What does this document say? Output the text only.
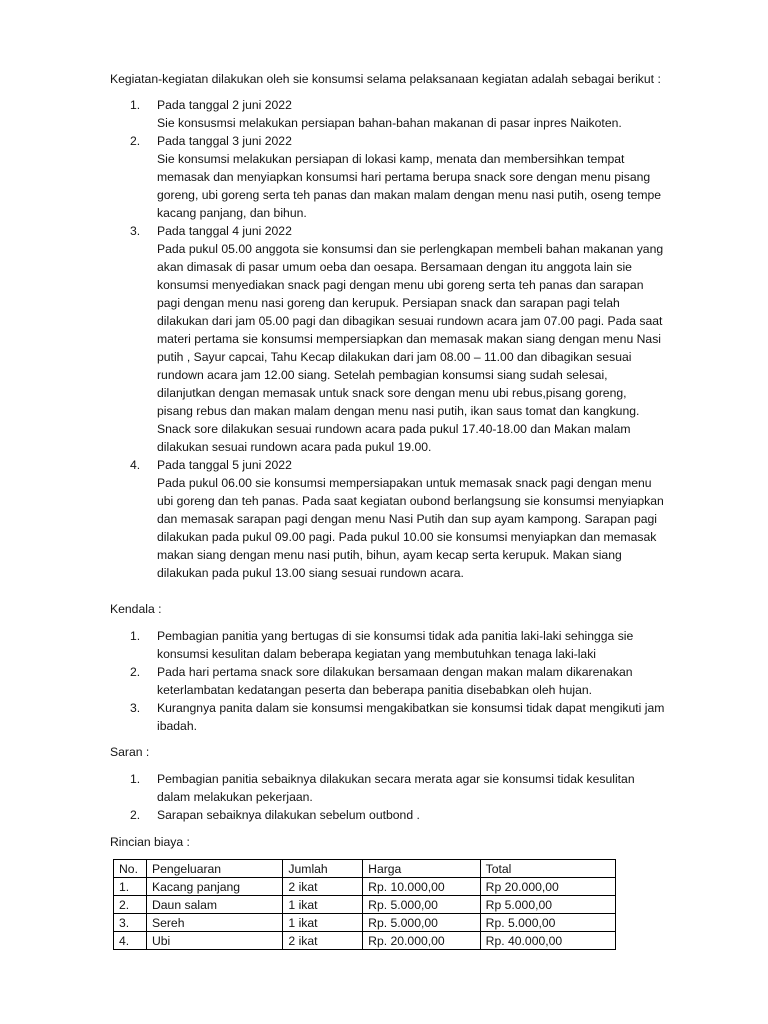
Kegiatan-kegiatan dilakukan oleh sie konsumsi selama pelaksanaan kegiatan adalah sebagai berikut :

1. Pada tanggal 2 juni 2022
Sie konsusmsi melakukan persiapan bahan-bahan makanan di pasar inpres Naikoten.
2. Pada tanggal 3 juni 2022
Sie konsumsi melakukan persiapan di lokasi kamp, menata dan membersihkan tempat memasak dan menyiapkan konsumsi hari pertama berupa snack sore dengan menu pisang goreng, ubi goreng serta teh panas dan makan malam dengan menu nasi putih, oseng tempe kacang panjang, dan bihun.
3. Pada tanggal 4 juni 2022
Pada pukul 05.00 anggota sie konsumsi dan sie perlengkapan membeli bahan makanan yang akan dimasak di pasar umum oeba dan oesapa. Bersamaan dengan itu anggota lain sie konsumsi menyediakan snack pagi dengan menu ubi goreng serta teh panas dan sarapan pagi dengan menu nasi goreng dan kerupuk. Persiapan snack dan sarapan pagi telah dilakukan dari jam 05.00 pagi dan dibagikan sesuai rundown acara jam 07.00 pagi. Pada saat materi pertama sie konsumsi mempersiapkan dan memasak makan siang dengan menu Nasi putih , Sayur capcai, Tahu Kecap dilakukan dari jam 08.00 – 11.00 dan dibagikan sesuai rundown acara jam 12.00 siang. Setelah pembagian konsumsi siang sudah selesai, dilanjutkan dengan memasak untuk snack sore dengan menu ubi rebus,pisang goreng, pisang rebus dan makan malam dengan menu nasi putih, ikan saus tomat dan kangkung. Snack sore dilakukan sesuai rundown acara pada pukul 17.40-18.00 dan Makan malam dilakukan sesuai rundown acara pada pukul 19.00.
4. Pada tanggal 5 juni 2022
Pada pukul 06.00 sie konsumsi mempersiapakan untuk memasak snack pagi dengan menu ubi goreng dan teh panas. Pada saat kegiatan oubond berlangsung sie konsumsi menyiapkan dan memasak sarapan pagi dengan menu Nasi Putih dan sup ayam kampong. Sarapan pagi dilakukan pada pukul 09.00 pagi. Pada pukul 10.00 sie konsumsi menyiapkan dan memasak makan siang dengan menu nasi putih, bihun, ayam kecap serta kerupuk. Makan siang dilakukan pada pukul 13.00 siang sesuai rundown acara.

Kendala :

1. Pembagian panitia yang bertugas di sie konsumsi tidak ada panitia laki-laki sehingga sie konsumsi kesulitan dalam beberapa kegiatan yang membutuhkan tenaga laki-laki
2. Pada hari pertama snack sore dilakukan bersamaan dengan makan malam dikarenakan keterlambatan kedatangan peserta dan beberapa panitia disebabkan oleh hujan.
3. Kurangnya panita dalam sie konsumsi mengakibatkan sie konsumsi tidak dapat mengikuti jam ibadah.

Saran :

1. Pembagian panitia sebaiknya dilakukan secara merata agar sie konsumsi tidak kesulitan dalam melakukan pekerjaan.
2. Sarapan sebaiknya dilakukan sebelum outbond .

Rincian biaya :

No.	Pengeluaran	Jumlah	Harga	Total
1.	Kacang panjang	2 ikat	Rp. 10.000,00	Rp 20.000,00
2.	Daun salam	1 ikat	Rp. 5.000,00	Rp 5.000,00
3.	Sereh	1 ikat	Rp. 5.000,00	Rp. 5.000,00
4.	Ubi	2 ikat	Rp. 20.000,00	Rp. 40.000,00
